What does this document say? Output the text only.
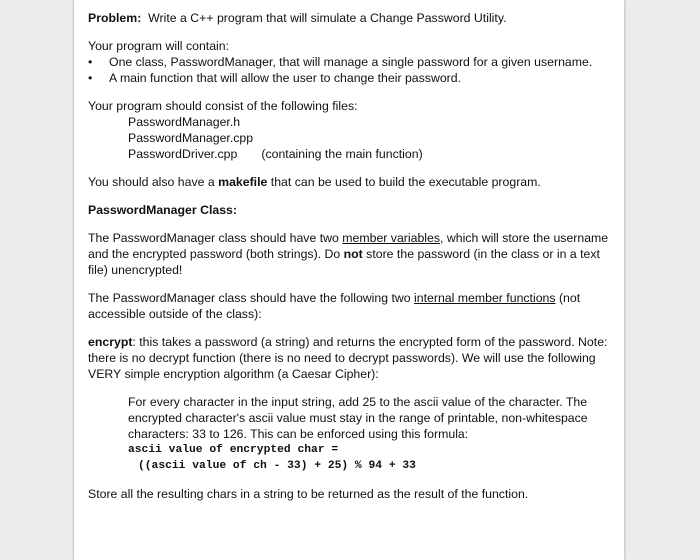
Problem: Write a C++ program that will simulate a Change Password Utility.

Your program will contain:

•	One class, PasswordManager, that will manage a single password for a given username.
•	A main function that will allow the user to change their password.

Your program should consist of the following files:

PasswordManager.h
PasswordManager.cpp
PasswordDriver.cpp (containing the main function)

You should also have a makefile that can be used to build the executable program.

PasswordManager Class:

The PasswordManager class should have two member variables, which will store the username and the encrypted password (both strings). Do not store the password (in the class or in a text file) unencrypted!

The PasswordManager class should have the following two internal member functions (not accessible outside of the class):

encrypt: this takes a password (a string) and returns the encrypted form of the password. Note: there is no decrypt function (there is no need to decrypt passwords). We will use the following VERY simple encryption algorithm (a Caesar Cipher):

For every character in the input string, add 25 to the ascii value of the character. The encrypted character's ascii value must stay in the range of printable, non-whitespace characters: 33 to 126. This can be enforced using this formula:

ascii value of encrypted char =
((ascii value of ch - 33) + 25) % 94 + 33

Store all the resulting chars in a string to be returned as the result of the function.
